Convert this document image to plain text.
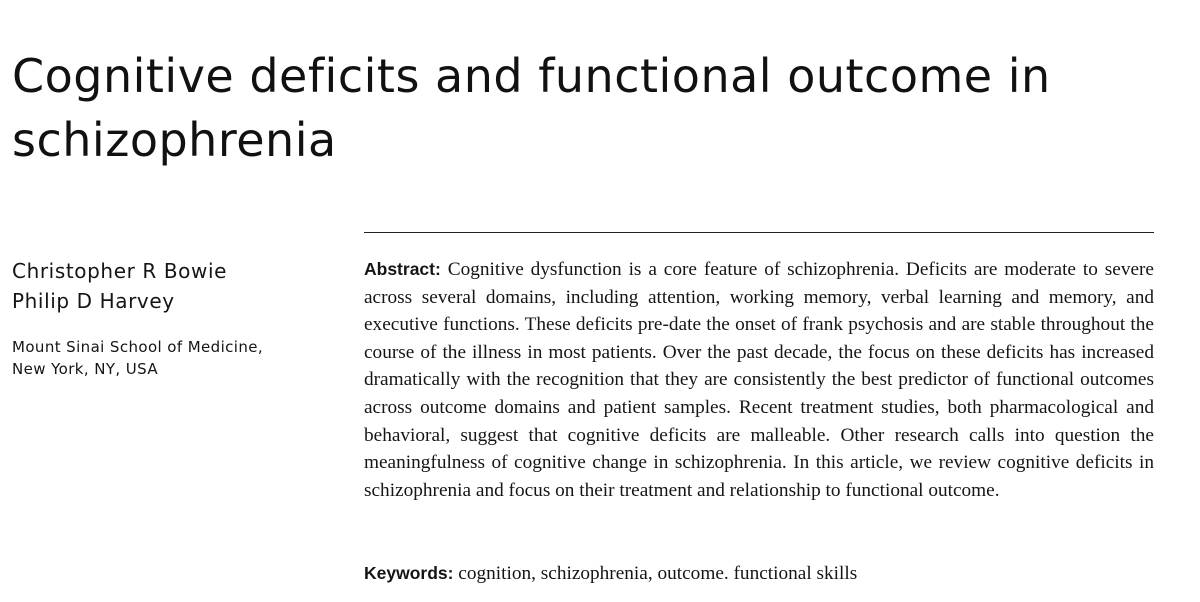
Cognitive deficits and functional outcome in schizophrenia
Christopher R Bowie
Philip D Harvey
Mount Sinai School of Medicine,
New York, NY, USA

Abstract: Cognitive dysfunction is a core feature of schizophrenia. Deficits are moderate to severe across several domains, including attention, working memory, verbal learning and memory, and executive functions. These deficits pre-date the onset of frank psychosis and are stable throughout the course of the illness in most patients. Over the past decade, the focus on these deficits has increased dramatically with the recognition that they are consistently the best predictor of functional outcomes across outcome domains and patient samples. Recent treatment studies, both pharmacological and behavioral, suggest that cognitive deficits are malleable. Other research calls into question the meaningfulness of cognitive change in schizophrenia. In this article, we review cognitive deficits in schizophrenia and focus on their treatment and relationship to functional outcome.

Keywords: cognition, schizophrenia, outcome. functional skills
